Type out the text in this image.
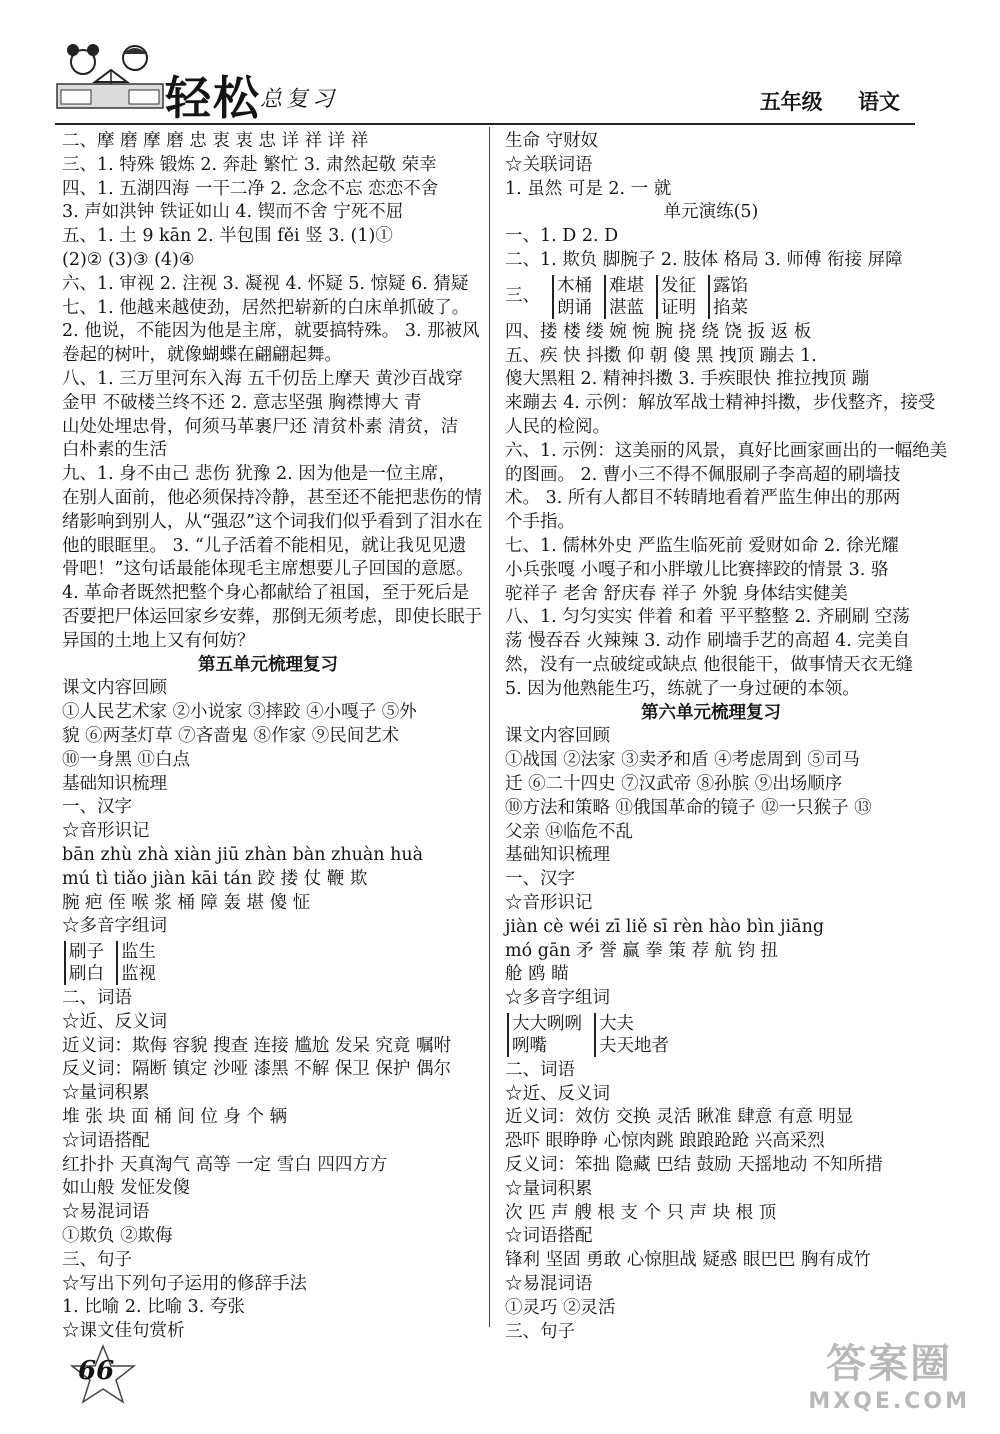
轻松 总复习	五年级 语文
二、摩 磨 摩 磨 忠 衷 衷 忠 详 祥 详 祥
三、1. 特殊 锻炼 2. 奔赴 繁忙 3. 肃然起敬 荣幸
四、1. 五湖四海 一干二净 2. 念念不忘 恋恋不舍
3. 声如洪钟 铁证如山 4. 锲而不舍 宁死不屈
五、1. 土 9 kān 2. 半包围 fěi 竖 3. (1)①
(2)② (3)③ (4)④
六、1. 审视 2. 注视 3. 凝视 4. 怀疑 5. 惊疑 6. 猜疑
七、1. 他越来越使劲，居然把崭新的白床单抓破了。
2. 他说，不能因为他是主席，就要搞特殊。 3. 那被风
卷起的树叶，就像蝴蝶在翩翩起舞。
八、1. 三万里河东入海 五千仞岳上摩天 黄沙百战穿
金甲 不破楼兰终不还 2. 意志坚强 胸襟博大 青
山处处埋忠骨，何须马革裹尸还 清贫朴素 清贫，洁
白朴素的生活
九、1. 身不由己 悲伤 犹豫 2. 因为他是一位主席，
在别人面前，他必须保持冷静，甚至还不能把悲伤的情
绪影响到别人，从“强忍”这个词我们似乎看到了泪水在
他的眼眶里。 3. “儿子活着不能相见，就让我见见遗
骨吧！”这句话最能体现毛主席想要儿子回国的意愿。
4. 革命者既然把整个身心都献给了祖国，至于死后是
否要把尸体运回家乡安葬，那倒无须考虑，即使长眠于
异国的土地上又有何妨？
第五单元梳理复习
课文内容回顾
①人民艺术家 ②小说家 ③摔跤 ④小嘎子 ⑤外
貌 ⑥两茎灯草 ⑦吝啬鬼 ⑧作家 ⑨民间艺术
⑩一身黑 ⑪白点
基础知识梳理
一、汉字
☆音形识记
bān zhù zhà xiàn jiū zhàn bàn zhuàn huà
mú tì tiǎo jiàn kāi tán 跤 搂 仗 鞭 欺
腕 疤 侄 喉 浆 桶 障 轰 堪 傻 怔
☆多音字组词
刷子
刷白
监生
监视
二、词语
☆近、反义词
近义词：欺侮 容貌 搜查 连接 尴尬 发呆 究竟 嘱咐
反义词：隔断 镇定 沙哑 漆黑 不解 保卫 保护 偶尔
☆量词积累
堆 张 块 面 桶 间 位 身 个 辆
☆词语搭配
红扑扑 天真淘气 高等 一定 雪白 四四方方
如山般 发怔发傻
☆易混词语
①欺负 ②欺侮
三、句子
☆写出下列句子运用的修辞手法
1. 比喻 2. 比喻 3. 夸张
☆课文佳句赏析
生命 守财奴
☆关联词语
1. 虽然 可是 2. 一 就
单元演练(5)
一、1. D 2. D
二、1. 欺负 脚腕子 2. 肢体 格局 3. 师傅 衔接 屏障
三、
木桶
朗诵
难堪
湛蓝
发征
证明
露馅
掐菜
四、搂 楼 缕 婉 惋 腕 挠 绕 饶 扳 返 板
五、疾 快 抖擞 仰 朝 傻 黑 拽顶 蹦去 1.
傻大黑粗 2. 精神抖擞 3. 手疾眼快 推拉拽顶 蹦
来蹦去 4. 示例：解放军战士精神抖擞，步伐整齐，接受
人民的检阅。
六、1. 示例：这美丽的风景，真好比画家画出的一幅绝美
的图画。 2. 曹小三不得不佩服刷子李高超的刷墙技
术。 3. 所有人都目不转睛地看着严监生伸出的那两
个手指。
七、1. 儒林外史 严监生临死前 爱财如命 2. 徐光耀
小兵张嘎 小嘎子和小胖墩儿比赛摔跤的情景 3. 骆
驼祥子 老舍 舒庆春 祥子 外貌 身体结实健美
八、1. 匀匀实实 伴着 和着 平平整整 2. 齐刷刷 空荡
荡 慢吞吞 火辣辣 3. 动作 刷墙手艺的高超 4. 完美自
然，没有一点破绽或缺点 他很能干，做事情天衣无缝
5. 因为他熟能生巧，练就了一身过硬的本领。
第六单元梳理复习
课文内容回顾
①战国 ②法家 ③卖矛和盾 ④考虑周到 ⑤司马
迁 ⑥二十四史 ⑦汉武帝 ⑧孙膑 ⑨出场顺序
⑩方法和策略 ⑪俄国革命的镜子 ⑫一只猴子 ⑬
父亲 ⑭临危不乱
基础知识梳理
一、汉字
☆音形识记
jiàn cè wéi zī liě sī rèn hào bìn jiāng
mó gān 矛 誉 赢 拳 策 荐 航 钧 扭
舱 鸥 瞄
☆多音字组词
大大咧咧
咧嘴
大夫
夫天地者
二、词语
☆近、反义词
近义词：效仿 交换 灵活 瞅准 肆意 有意 明显
恐吓 眼睁睁 心惊肉跳 踉踉跄跄 兴高采烈
反义词：笨拙 隐藏 巴结 鼓励 天摇地动 不知所措
☆量词积累
次 匹 声 艘 根 支 个 只 声 块 根 顶
☆词语搭配
锋利 坚固 勇敢 心惊胆战 疑惑 眼巴巴 胸有成竹
☆易混词语
①灵巧 ②灵活
三、句子
66	答案圈
MXQE.COM
